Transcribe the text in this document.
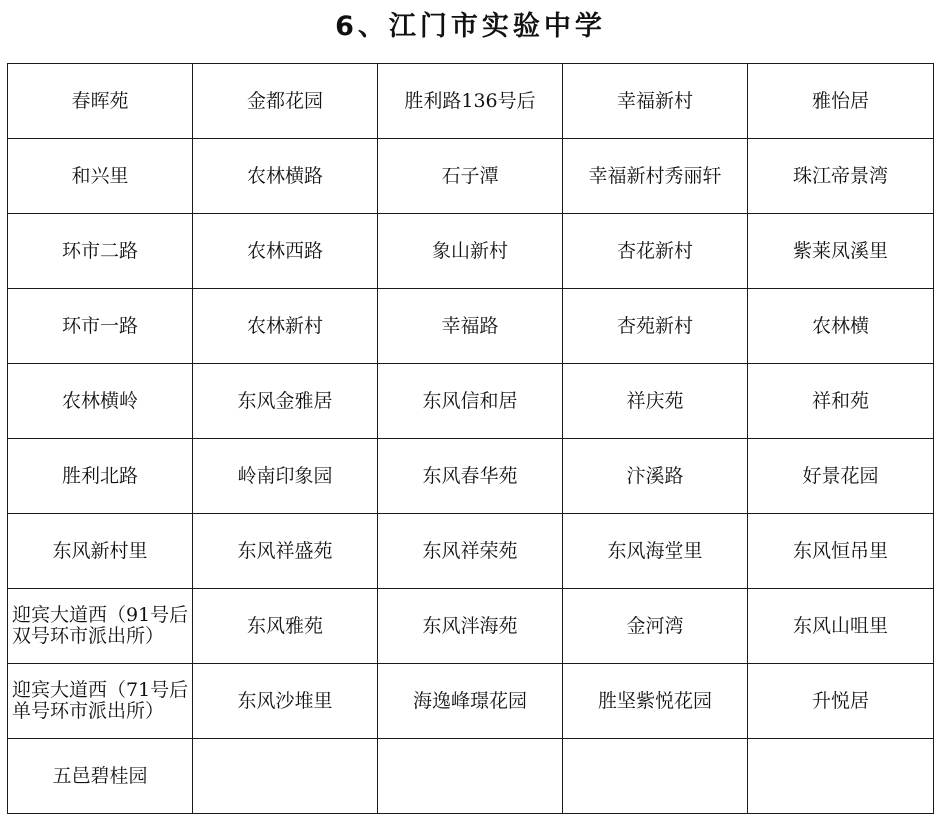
6、江门市实验中学
春晖苑	金都花园	胜利路136号后	幸福新村	雅怡居
和兴里	农林横路	石子潭	幸福新村秀丽轩	珠江帝景湾
环市二路	农林西路	象山新村	杏花新村	紫莱凤溪里
环市一路	农林新村	幸福路	杏苑新村	农林横
农林横岭	东风金雅居	东风信和居	祥庆苑	祥和苑
胜利北路	岭南印象园	东风春华苑	汴溪路	好景花园
东风新村里	东风祥盛苑	东风祥荣苑	东风海堂里	东风恒吊里
迎宾大道西（91号后双号环市派出所）	东风雅苑	东风泮海苑	金河湾	东风山咀里
迎宾大道西（71号后单号环市派出所）	东风沙堆里	海逸峰璟花园	胜坚紫悦花园	升悦居
五邑碧桂园				
